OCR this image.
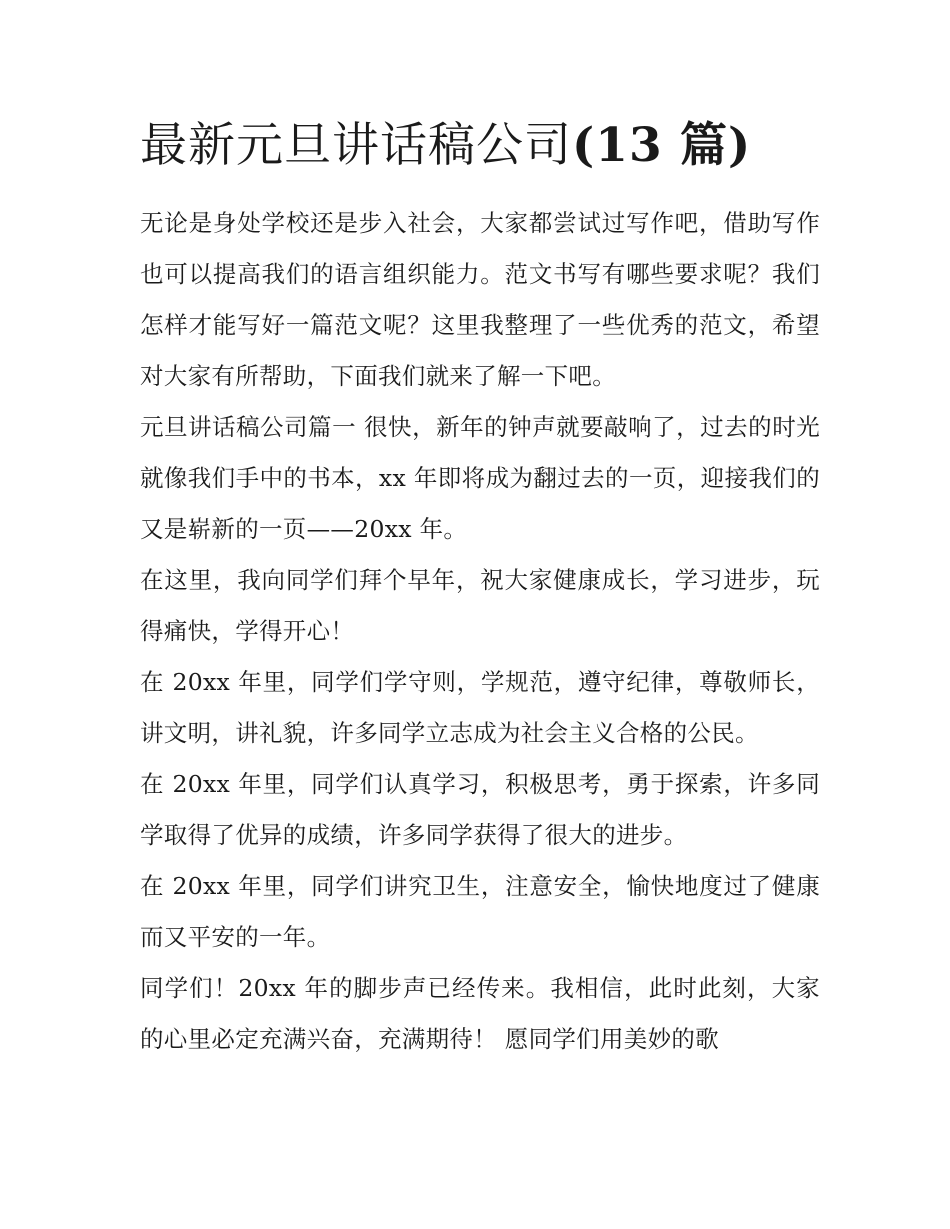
最新元旦讲话稿公司(13 篇)

无论是身处学校还是步入社会，大家都尝试过写作吧，借助写作也可以提高我们的语言组织能力。范文书写有哪些要求呢？我们怎样才能写好一篇范文呢？这里我整理了一些优秀的范文，希望对大家有所帮助，下面我们就来了解一下吧。

元旦讲话稿公司篇一 很快，新年的钟声就要敲响了，过去的时光就像我们手中的书本，xx 年即将成为翻过去的一页，迎接我们的又是崭新的一页——20xx 年。

在这里，我向同学们拜个早年，祝大家健康成长，学习进步，玩得痛快，学得开心！

在 20xx 年里，同学们学守则，学规范，遵守纪律，尊敬师长，讲文明，讲礼貌，许多同学立志成为社会主义合格的公民。

在 20xx 年里，同学们认真学习，积极思考，勇于探索，许多同学取得了优异的成绩，许多同学获得了很大的进步。

在 20xx 年里，同学们讲究卫生，注意安全，愉快地度过了健康而又平安的一年。

同学们！20xx 年的脚步声已经传来。我相信，此时此刻，大家的心里必定充满兴奋，充满期待！ 愿同学们用美妙的歌
